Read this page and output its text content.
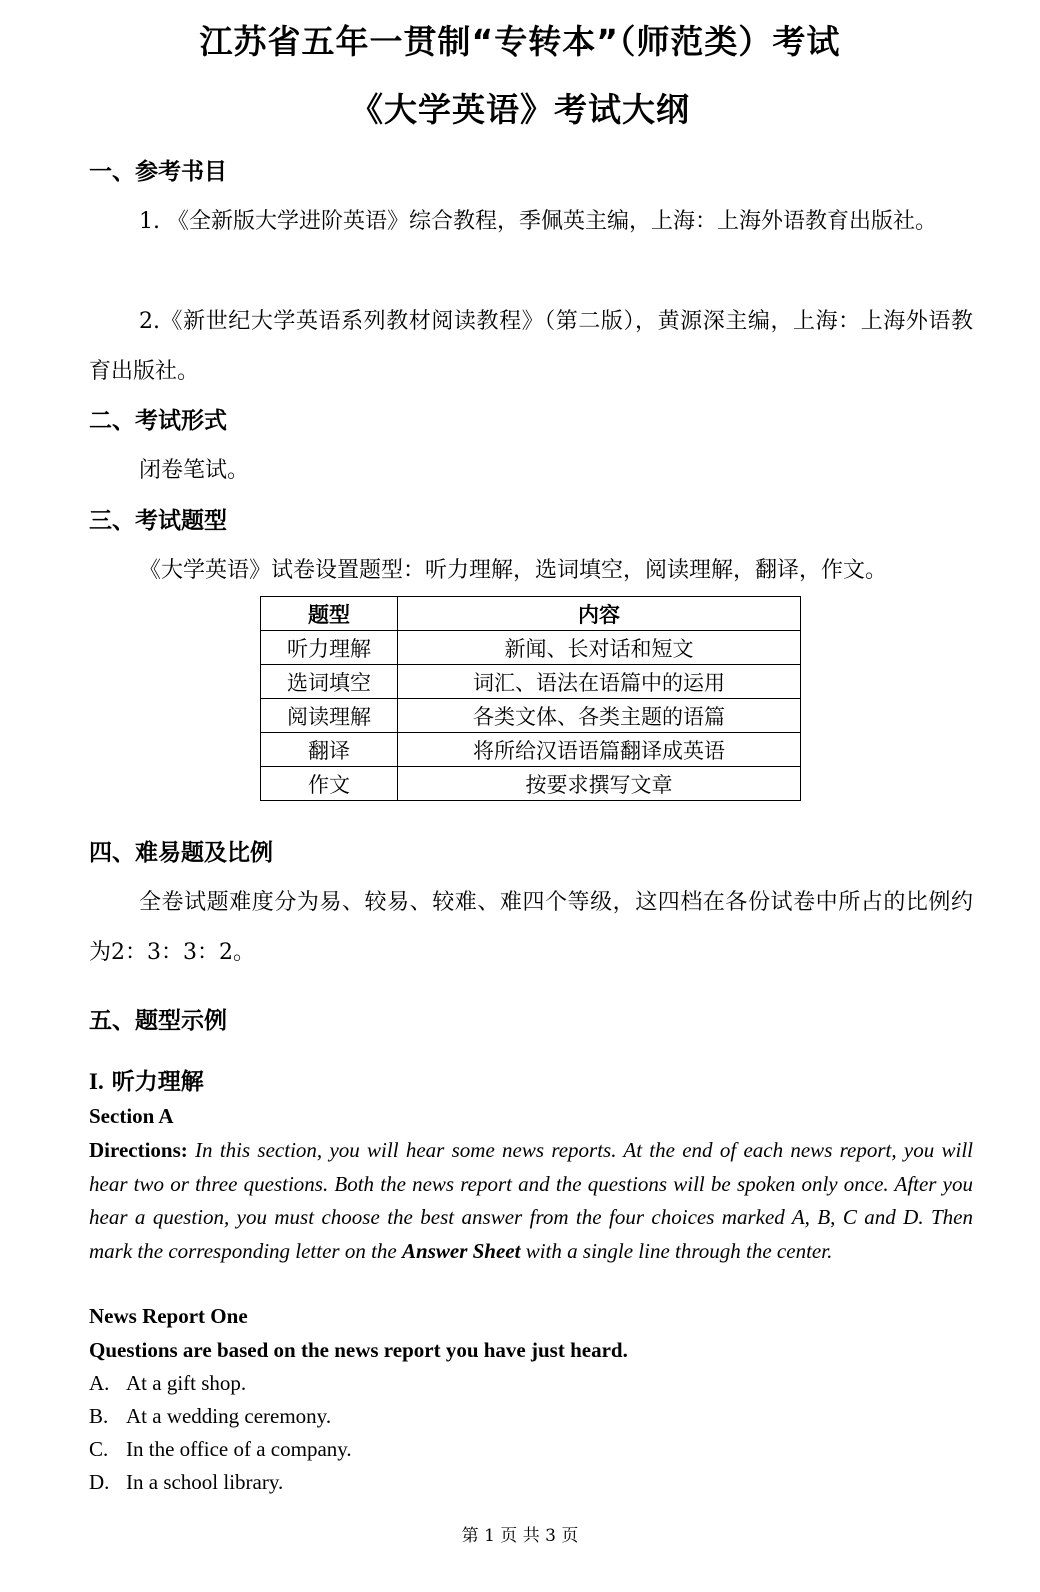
江苏省五年一贯制“专转本”（师范类）考试
《大学英语》考试大纲
一、参考书目
1. 《全新版大学进阶英语》综合教程，季佩英主编，上海：上海外语教育出版社。
2.《新世纪大学英语系列教材阅读教程》（第二版），黄源深主编，上海：上海外语教育出版社。
二、考试形式
闭卷笔试。
三、考试题型
《大学英语》试卷设置题型：听力理解，选词填空，阅读理解，翻译，作文。
题型	内容
听力理解	新闻、长对话和短文
选词填空	词汇、语法在语篇中的运用
阅读理解	各类文体、各类主题的语篇
翻译	将所给汉语语篇翻译成英语
作文	按要求撰写文章
四、难易题及比例
全卷试题难度分为易、较易、较难、难四个等级，这四档在各份试卷中所占的比例约为2：3：3：2。
五、题型示例
I. 听力理解
Section A
Directions: In this section, you will hear some news reports. At the end of each news report, you will hear two or three questions. Both the news report and the questions will be spoken only once. After you hear a question, you must choose the best answer from the four choices marked A, B, C and D. Then mark the corresponding letter on the Answer Sheet with a single line through the center.
News Report One
Questions are based on the news report you have just heard.
A. At a gift shop.
B. At a wedding ceremony.
C. In the office of a company.
D. In a school library.
第 1 页 共 3 页
